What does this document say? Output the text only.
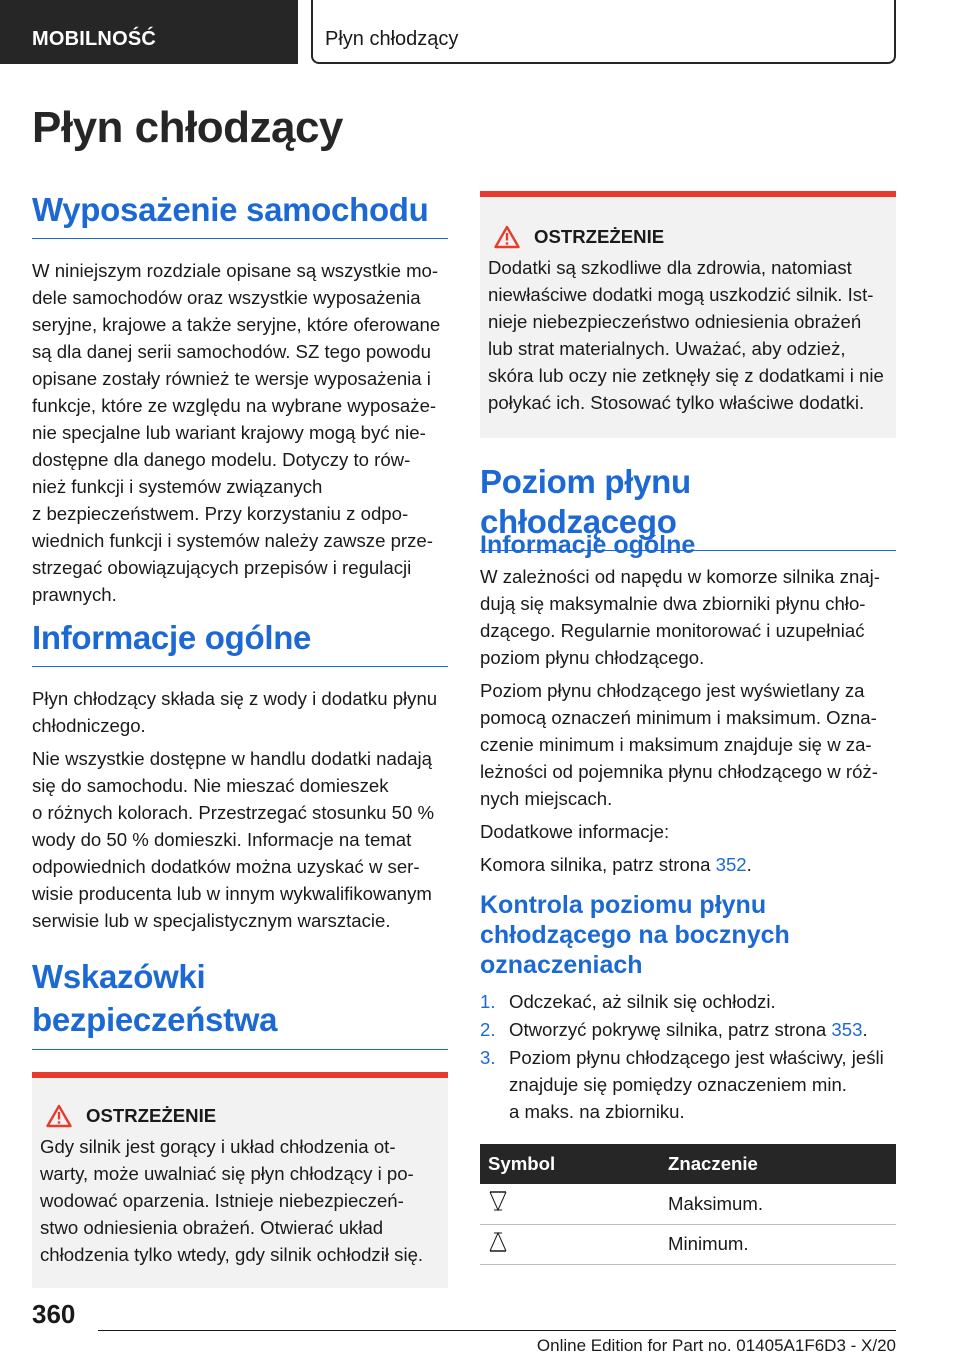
MOBILNOŚĆ	Płyn chłodzący
Płyn chłodzący
Wyposażenie samochodu
W niniejszym rozdziale opisane są wszystkie mo-
dele samochodów oraz wszystkie wyposażenia
seryjne, krajowe a także seryjne, które oferowane
są dla danej serii samochodów. SZ tego powodu
opisane zostały również te wersje wyposażenia i
funkcje, które ze względu na wybrane wyposaże-
nie specjalne lub wariant krajowy mogą być nie-
dostępne dla danego modelu. Dotyczy to rów-
nież funkcji i systemów związanych
z bezpieczeństwem. Przy korzystaniu z odpo-
wiednich funkcji i systemów należy zawsze prze-
strzegać obowiązujących przepisów i regulacji
prawnych.
Informacje ogólne
Płyn chłodzący składa się z wody i dodatku płynu
chłodniczego.
Nie wszystkie dostępne w handlu dodatki nadają
się do samochodu. Nie mieszać domieszek
o różnych kolorach. Przestrzegać stosunku 50 %
wody do 50 % domieszki. Informacje na temat
odpowiednich dodatków można uzyskać w ser-
wisie producenta lub w innym wykwalifikowanym
serwisie lub w specjalistycznym warsztacie.
Wskazówki
bezpieczeństwa
OSTRZEŻENIE
Gdy silnik jest gorący i układ chłodzenia ot-
warty, może uwalniać się płyn chłodzący i po-
wodować oparzenia. Istnieje niebezpieczeń-
stwo odniesienia obrażeń. Otwierać układ
chłodzenia tylko wtedy, gdy silnik ochłodził się.
OSTRZEŻENIE
Dodatki są szkodliwe dla zdrowia, natomiast
niewłaściwe dodatki mogą uszkodzić silnik. Ist-
nieje niebezpieczeństwo odniesienia obrażeń
lub strat materialnych. Uważać, aby odzież,
skóra lub oczy nie zetknęły się z dodatkami i nie
połykać ich. Stosować tylko właściwe dodatki.
Poziom płynu chłodzącego
Informacje ogólne
W zależności od napędu w komorze silnika znaj-
dują się maksymalnie dwa zbiorniki płynu chło-
dzącego. Regularnie monitorować i uzupełniać
poziom płynu chłodzącego.
Poziom płynu chłodzącego jest wyświetlany za
pomocą oznaczeń minimum i maksimum. Ozna-
czenie minimum i maksimum znajduje się w za-
leżności od pojemnika płynu chłodzącego w róż-
nych miejscach.
Dodatkowe informacje:
Komora silnika, patrz strona 352.
Kontrola poziomu płynu
chłodzącego na bocznych
oznaczeniach
1. Odczekać, aż silnik się ochłodzi.
2. Otworzyć pokrywę silnika, patrz strona 353.
3. Poziom płynu chłodzącego jest właściwy, jeśli
znajduje się pomiędzy oznaczeniem min.
a maks. na zbiorniku.
Symbol	Znaczenie
	Maksimum.
	Minimum.
360
Online Edition for Part no. 01405A1F6D3 - X/20
